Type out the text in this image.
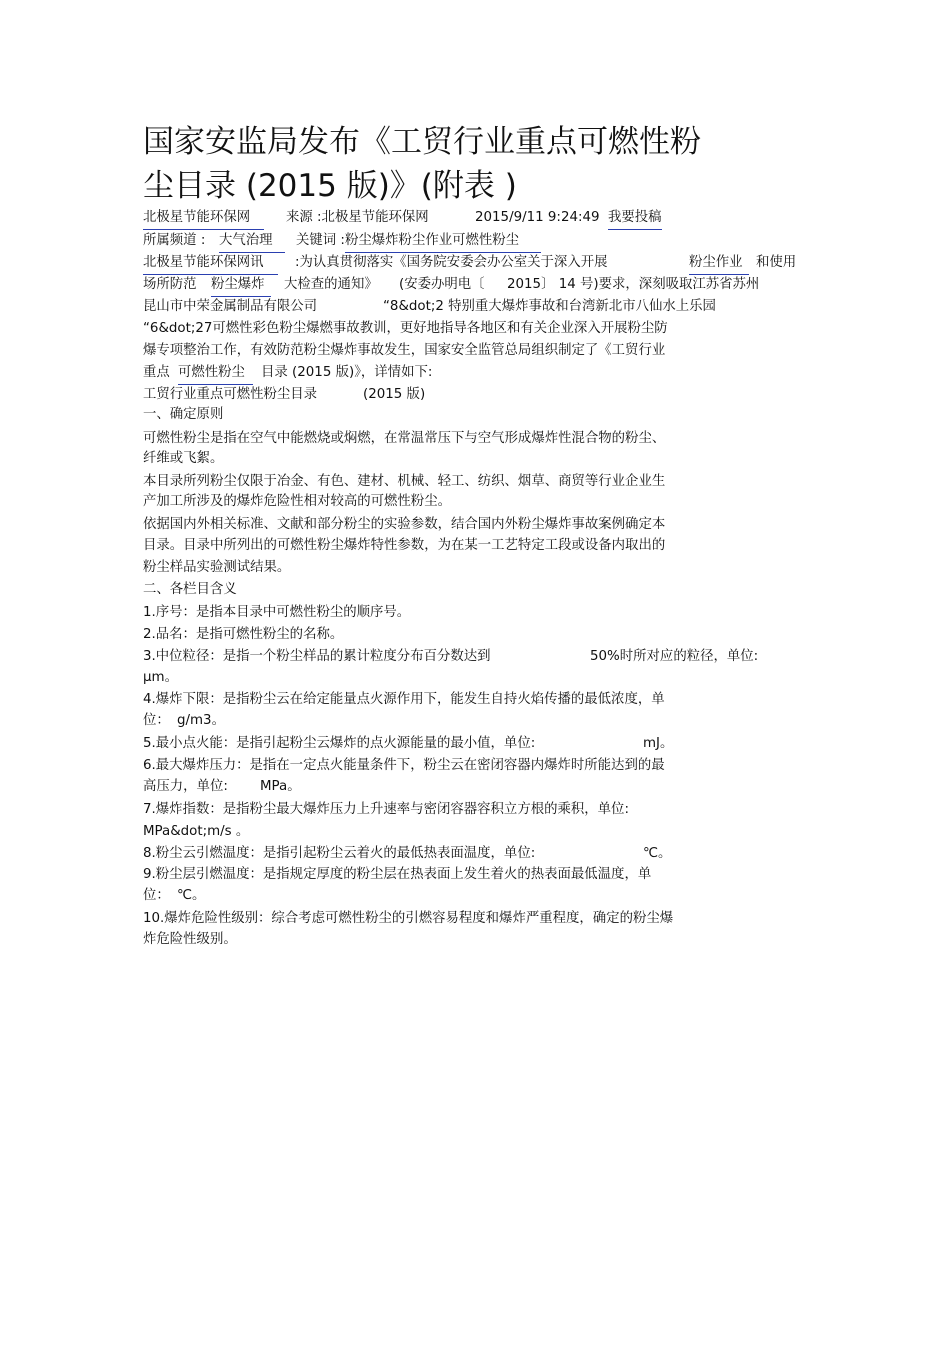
国家安监局发布《工贸行业重点可燃性粉
尘目录 (2015 版)》(附表 )
北极星节能环保网	来源 :北极星节能环保网	2015/9/11 9:24:49 我要投稿
所属频道 : 大气治理	关键词 : 粉尘爆炸粉尘作业可燃性粉尘
北极星节能环保网讯	:为认真贯彻落实《国务院安委会办公室关于深入开展	粉尘作业	和使用
场所防范 粉尘爆炸	大检查的通知》 (安委办明电〔 2015〕 14 号)要求，深刻吸取江苏省苏州
昆山市中荣金属制品有限公司	“8&dot;2 特别重大爆炸事故和台湾新北市八仙水上乐园
“6&dot;27可燃性彩色粉尘爆燃事故教训，更好地指导各地区和有关企业深入开展粉尘防
爆专项整治工作，有效防范粉尘爆炸事故发生，国家安全监管总局组织制定了《工贸行业
重点 可燃性粉尘	目录 (2015 版)》，详情如下:
工贸行业重点可燃性粉尘目录	(2015 版)
一、确定原则
可燃性粉尘是指在空气中能燃烧或焖燃，在常温常压下与空气形成爆炸性混合物的粉尘、
纤维或飞絮。
本目录所列粉尘仅限于冶金、有色、建材、机械、轻工、纺织、烟草、商贸等行业企业生
产加工所涉及的爆炸危险性相对较高的可燃性粉尘。
依据国内外相关标准、文献和部分粉尘的实验参数，结合国内外粉尘爆炸事故案例确定本
目录。目录中所列出的可燃性粉尘爆炸特性参数，为在某一工艺特定工段或设备内取出的
粉尘样品实验测试结果。
二、各栏目含义
1.序号：是指本目录中可燃性粉尘的顺序号。
2.品名：是指可燃性粉尘的名称。
3.中位粒径：是指一个粉尘样品的累计粒度分布百分数达到	50%时所对应的粒径，单位:
μm。
4.爆炸下限：是指粉尘云在给定能量点火源作用下，能发生自持火焰传播的最低浓度，单
位： g/m3。
5.最小点火能：是指引起粉尘云爆炸的点火源能量的最小值，单位:	mJ。
6.最大爆炸压力：是指在一定点火能量条件下，粉尘云在密闭容器内爆炸时所能达到的最
高压力，单位: MPa。
7.爆炸指数：是指粉尘最大爆炸压力上升速率与密闭容器容积立方根的乘积，单位:
MPa&dot;m/s 。
8.粉尘云引燃温度：是指引起粉尘云着火的最低热表面温度，单位:	℃。
9.粉尘层引燃温度：是指规定厚度的粉尘层在热表面上发生着火的热表面最低温度，单
位： ℃。
10.爆炸危险性级别：综合考虑可燃性粉尘的引燃容易程度和爆炸严重程度，确定的粉尘爆
炸危险性级别。
